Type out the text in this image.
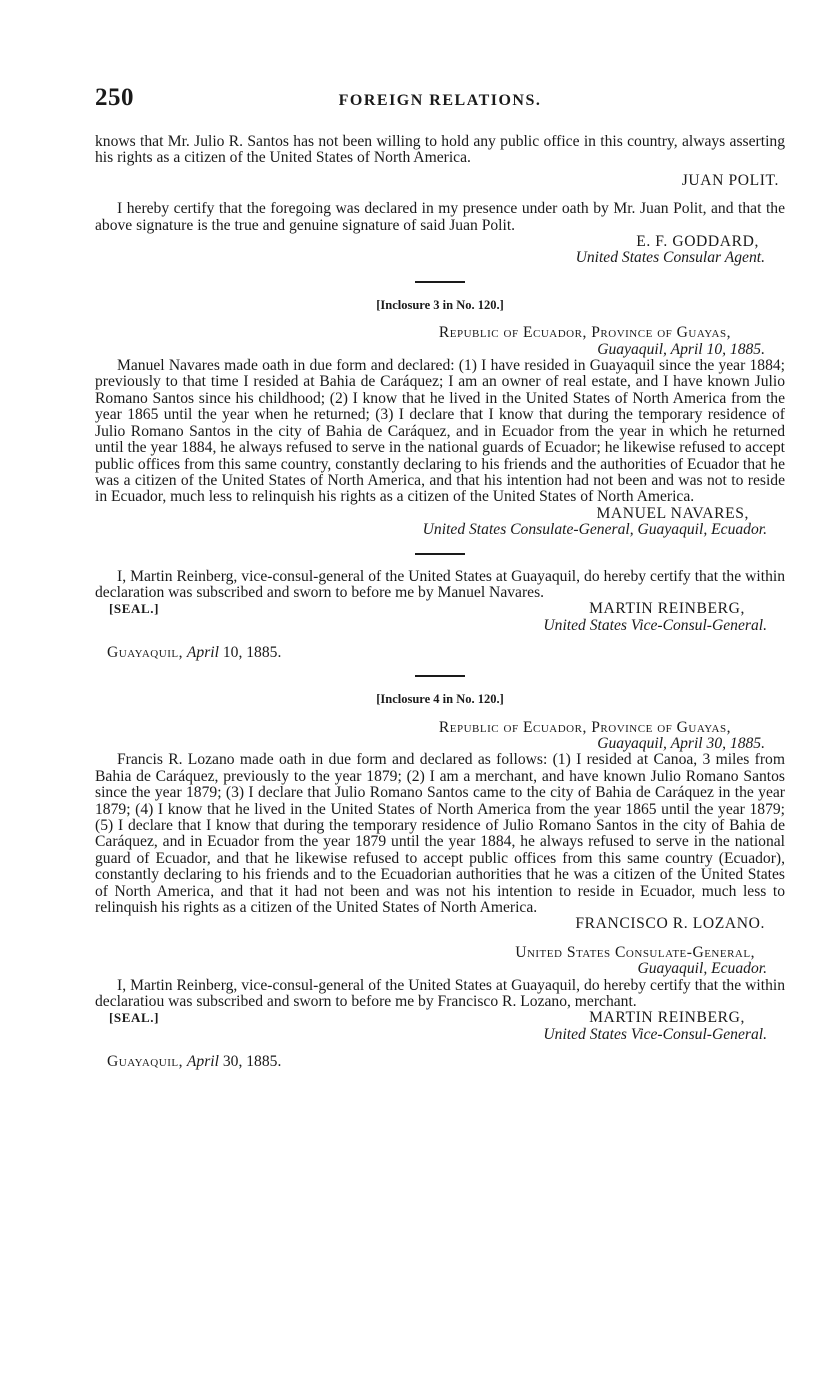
250	FOREIGN RELATIONS.

knows that Mr. Julio R. Santos has not been willing to hold any public office in this country, always asserting his rights as a citizen of the United States of North America.

JUAN POLIT.

I hereby certify that the foregoing was declared in my presence under oath by Mr. Juan Polit, and that the above signature is the true and genuine signature of said Juan Polit.

E. F. GODDARD,

United States Consular Agent.

[Inclosure 3 in No. 120.]

Republic of Ecuador, Province of Guayas,

Guayaquil, April 10, 1885.

Manuel Navares made oath in due form and declared: (1) I have resided in Guayaquil since the year 1884; previously to that time I resided at Bahia de Caráquez; I am an owner of real estate, and I have known Julio Romano Santos since his childhood; (2) I know that he lived in the United States of North America from the year 1865 until the year when he returned; (3) I declare that I know that during the temporary residence of Julio Romano Santos in the city of Bahia de Caráquez, and in Ecuador from the year in which he returned until the year 1884, he always refused to serve in the national guards of Ecuador; he likewise refused to accept public offices from this same country, constantly declaring to his friends and the authorities of Ecuador that he was a citizen of the United States of North America, and that his intention had not been and was not to reside in Ecuador, much less to relinquish his rights as a citizen of the United States of North America.

MANUEL NAVARES,

United States Consulate-General, Guayaquil, Ecuador.

I, Martin Reinberg, vice-consul-general of the United States at Guayaquil, do hereby certify that the within declaration was subscribed and sworn to before me by Manuel Navares.

[SEAL.]	MARTIN REINBERG,

United States Vice-Consul-General.

Guayaquil, April 10, 1885.

[Inclosure 4 in No. 120.]

Republic of Ecuador, Province of Guayas,

Guayaquil, April 30, 1885.

Francis R. Lozano made oath in due form and declared as follows: (1) I resided at Canoa, 3 miles from Bahia de Caráquez, previously to the year 1879; (2) I am a merchant, and have known Julio Romano Santos since the year 1879; (3) I declare that Julio Romano Santos came to the city of Bahia de Caráquez in the year 1879; (4) I know that he lived in the United States of North America from the year 1865 until the year 1879; (5) I declare that I know that during the temporary residence of Julio Romano Santos in the city of Bahia de Caráquez, and in Ecuador from the year 1879 until the year 1884, he always refused to serve in the national guard of Ecuador, and that he likewise refused to accept public offices from this same country (Ecuador), constantly declaring to his friends and to the Ecuadorian authorities that he was a citizen of the United States of North America, and that it had not been and was not his intention to reside in Ecuador, much less to relinquish his rights as a citizen of the United States of North America.

FRANCISCO R. LOZANO.

United States Consulate-General,

Guayaquil, Ecuador.

I, Martin Reinberg, vice-consul-general of the United States at Guayaquil, do hereby certify that the within declaratiou was subscribed and sworn to before me by Francisco R. Lozano, merchant.

[SEAL.]	MARTIN REINBERG,

United States Vice-Consul-General.

Guayaquil, April 30, 1885.
